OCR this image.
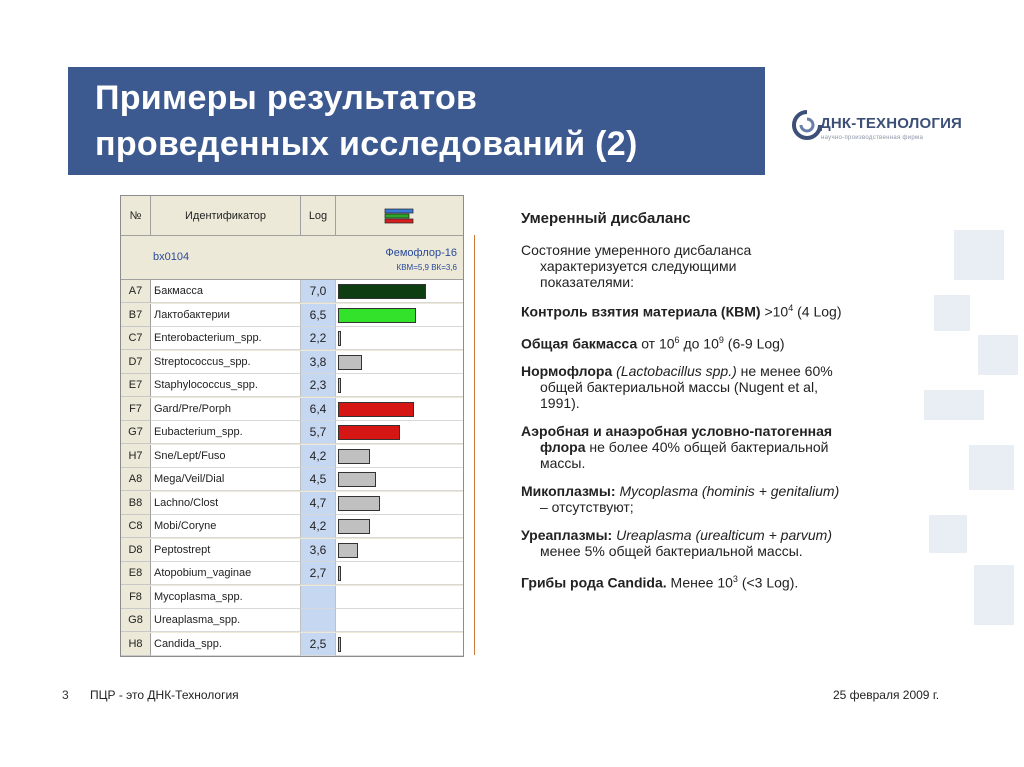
Примеры результатов
проведенных исследований (2)
ДНК-ТЕХНОЛОГИЯ
научно-производственная фирма
№	Идентификатор	Log
bx0104	Фемофлор-16
КВМ=5,9 ВК=3,6
A7	Бакмасса	7,0
B7	Лактобактерии	6,5
C7	Enterobacterium_spp.	2,2
D7	Streptococcus_spp.	3,8
E7	Staphylococcus_spp.	2,3
F7	Gard/Pre/Porph	6,4
G7	Eubacterium_spp.	5,7
H7	Sne/Lept/Fuso	4,2
A8	Mega/Veil/Dial	4,5
B8	Lachno/Clost	4,7
C8	Mobi/Coryne	4,2
D8	Peptostrept	3,6
E8	Atopobium_vaginae	2,7
F8	Mycoplasma_spp.
G8	Ureaplasma_spp.
H8	Candida_spp.	2,5

Умеренный дисбаланс

Состояние умеренного дисбаланса
характеризуется следующими
показателями:

Контроль взятия материала $(КВМ) >10^4$ (4 Log)

Общая бакмасса от $10^6$ до $10^9$ (6-9 Log)

Нормофлора (Lactobacillus spp.) не менее 60%
общей бактериальной массы (Nugent et al,
1991).

Аэробная и анаэробная условно-патогенная
флора не более 40% общей бактериальной
массы.

Микоплазмы: Mycoplasma (hominis + genitalium)
– отсутствуют;

Уреаплазмы: Ureaplasma (urealticum + parvum)
менее 5% общей бактериальной массы.

Грибы рода Candida. Менее $10^3$ (<3 Log).

3 ПЦР - это ДНК-Технология	25 февраля 2009 г.
